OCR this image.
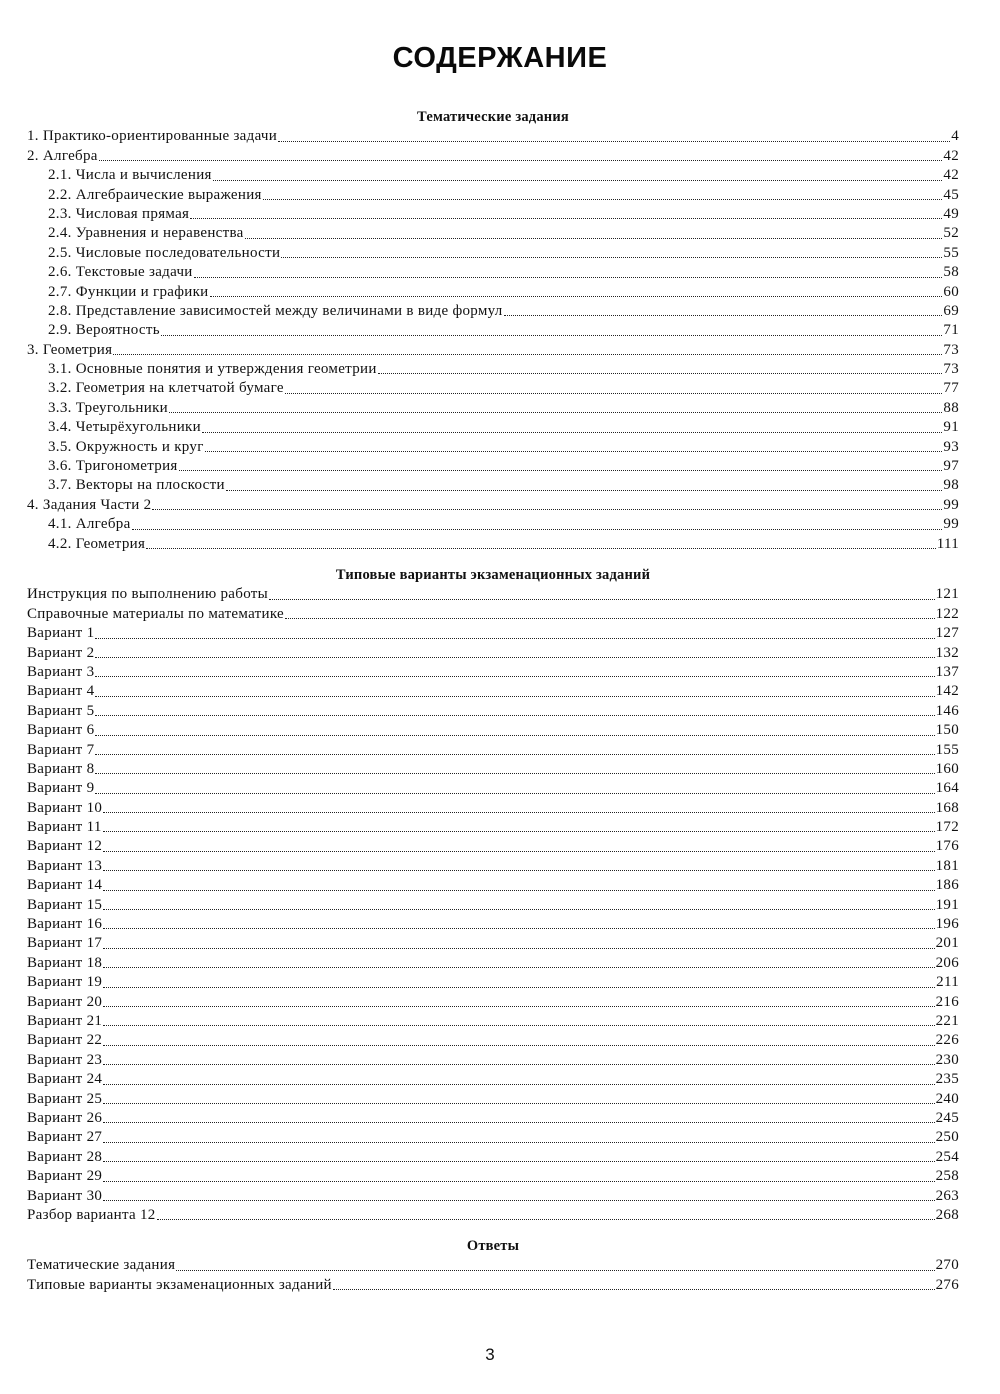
СОДЕРЖАНИЕ
Тематические задания
1. Практико-ориентированные задачи	4
2. Алгебра	42
2.1. Числа и вычисления	42
2.2. Алгебраические выражения	45
2.3. Числовая прямая	49
2.4. Уравнения и неравенства	52
2.5. Числовые последовательности	55
2.6. Текстовые задачи	58
2.7. Функции и графики	60
2.8. Представление зависимостей между величинами в виде формул	69
2.9. Вероятность	71
3. Геометрия	73
3.1. Основные понятия и утверждения геометрии	73
3.2. Геометрия на клетчатой бумаге	77
3.3. Треугольники	88
3.4. Четырёхугольники	91
3.5. Окружность и круг	93
3.6. Тригонометрия	97
3.7. Векторы на плоскости	98
4. Задания Части 2	99
4.1. Алгебра	99
4.2. Геометрия	111
Типовые варианты экзаменационных заданий
Инструкция по выполнению работы	121
Справочные материалы по математике	122
Вариант 1	127
Вариант 2	132
Вариант 3	137
Вариант 4	142
Вариант 5	146
Вариант 6	150
Вариант 7	155
Вариант 8	160
Вариант 9	164
Вариант 10	168
Вариант 11	172
Вариант 12	176
Вариант 13	181
Вариант 14	186
Вариант 15	191
Вариант 16	196
Вариант 17	201
Вариант 18	206
Вариант 19	211
Вариант 20	216
Вариант 21	221
Вариант 22	226
Вариант 23	230
Вариант 24	235
Вариант 25	240
Вариант 26	245
Вариант 27	250
Вариант 28	254
Вариант 29	258
Вариант 30	263
Разбор варианта 12	268
Ответы
Тематические задания	270
Типовые варианты экзаменационных заданий	276
3
